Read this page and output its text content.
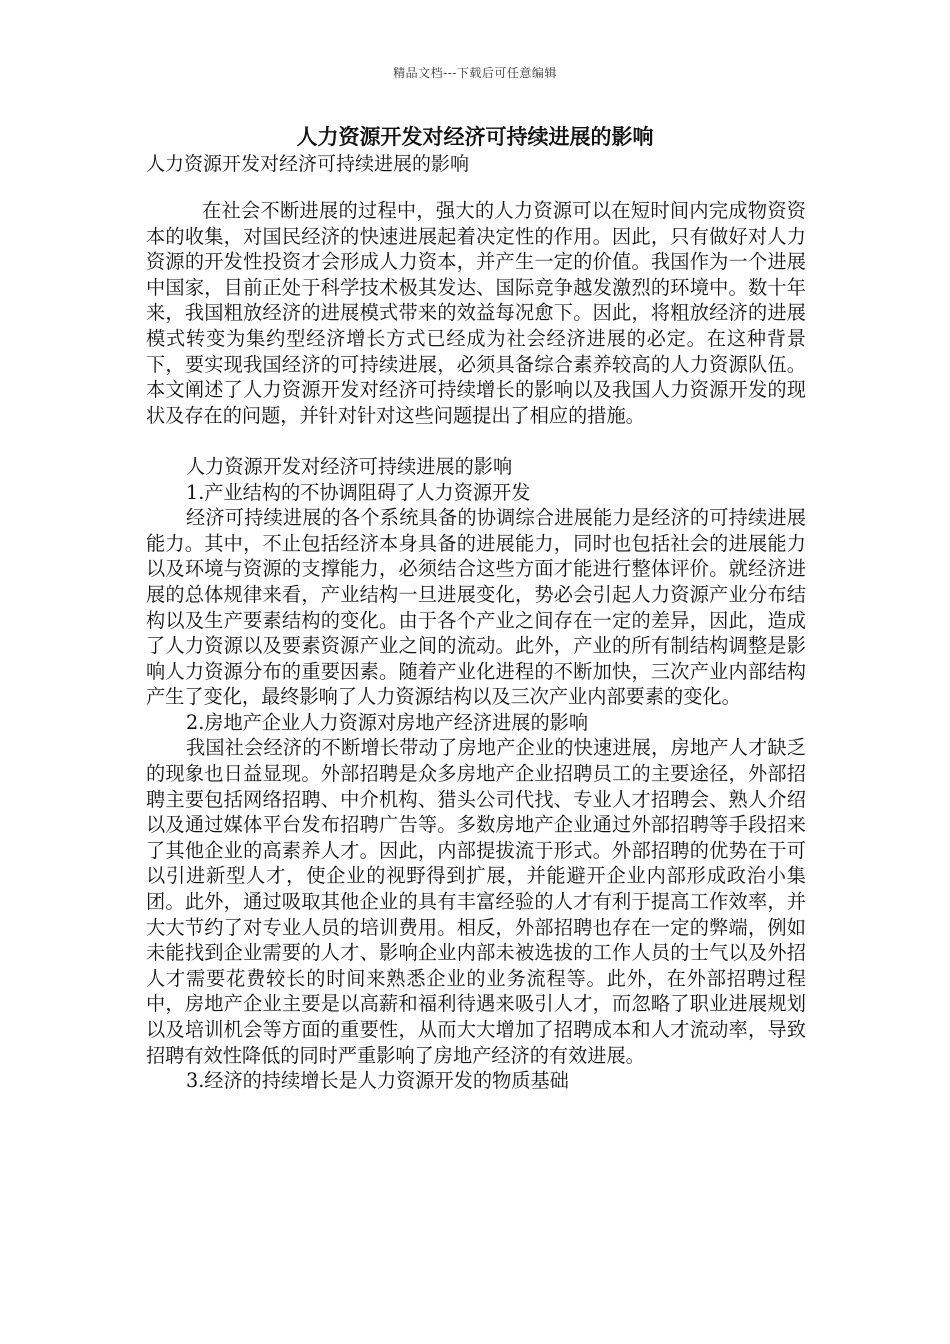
精品文档---下载后可任意编辑
人力资源开发对经济可持续进展的影响
人力资源开发对经济可持续进展的影响

在社会不断进展的过程中，强大的人力资源可以在短时间内完成物资资本的收集，对国民经济的快速进展起着决定性的作用。因此，只有做好对人力资源的开发性投资才会形成人力资本，并产生一定的价值。我国作为一个进展中国家，目前正处于科学技术极其发达、国际竞争越发激烈的环境中。数十年来，我国粗放经济的进展模式带来的效益每况愈下。因此，将粗放经济的进展模式转变为集约型经济增长方式已经成为社会经济进展的必定。在这种背景下，要实现我国经济的可持续进展，必须具备综合素养较高的人力资源队伍。本文阐述了人力资源开发对经济可持续增长的影响以及我国人力资源开发的现状及存在的问题，并针对针对这些问题提出了相应的措施。

人力资源开发对经济可持续进展的影响

1.产业结构的不协调阻碍了人力资源开发

经济可持续进展的各个系统具备的协调综合进展能力是经济的可持续进展能力。其中，不止包括经济本身具备的进展能力，同时也包括社会的进展能力以及环境与资源的支撑能力，必须结合这些方面才能进行整体评价。就经济进展的总体规律来看，产业结构一旦进展变化，势必会引起人力资源产业分布结构以及生产要素结构的变化。由于各个产业之间存在一定的差异，因此，造成了人力资源以及要素资源产业之间的流动。此外，产业的所有制结构调整是影响人力资源分布的重要因素。随着产业化进程的不断加快，三次产业内部结构产生了变化，最终影响了人力资源结构以及三次产业内部要素的变化。

2.房地产企业人力资源对房地产经济进展的影响

我国社会经济的不断增长带动了房地产企业的快速进展，房地产人才缺乏的现象也日益显现。外部招聘是众多房地产企业招聘员工的主要途径，外部招聘主要包括网络招聘、中介机构、猎头公司代找、专业人才招聘会、熟人介绍以及通过媒体平台发布招聘广告等。多数房地产企业通过外部招聘等手段招来了其他企业的高素养人才。因此，内部提拔流于形式。外部招聘的优势在于可以引进新型人才，使企业的视野得到扩展，并能避开企业内部形成政治小集团。此外，通过吸取其他企业的具有丰富经验的人才有利于提高工作效率，并大大节约了对专业人员的培训费用。相反，外部招聘也存在一定的弊端，例如未能找到企业需要的人才、影响企业内部未被选拔的工作人员的士气以及外招人才需要花费较长的时间来熟悉企业的业务流程等。此外，在外部招聘过程中，房地产企业主要是以高薪和福利待遇来吸引人才，而忽略了职业进展规划以及培训机会等方面的重要性，从而大大增加了招聘成本和人才流动率，导致招聘有效性降低的同时严重影响了房地产经济的有效进展。

3.经济的持续增长是人力资源开发的物质基础
